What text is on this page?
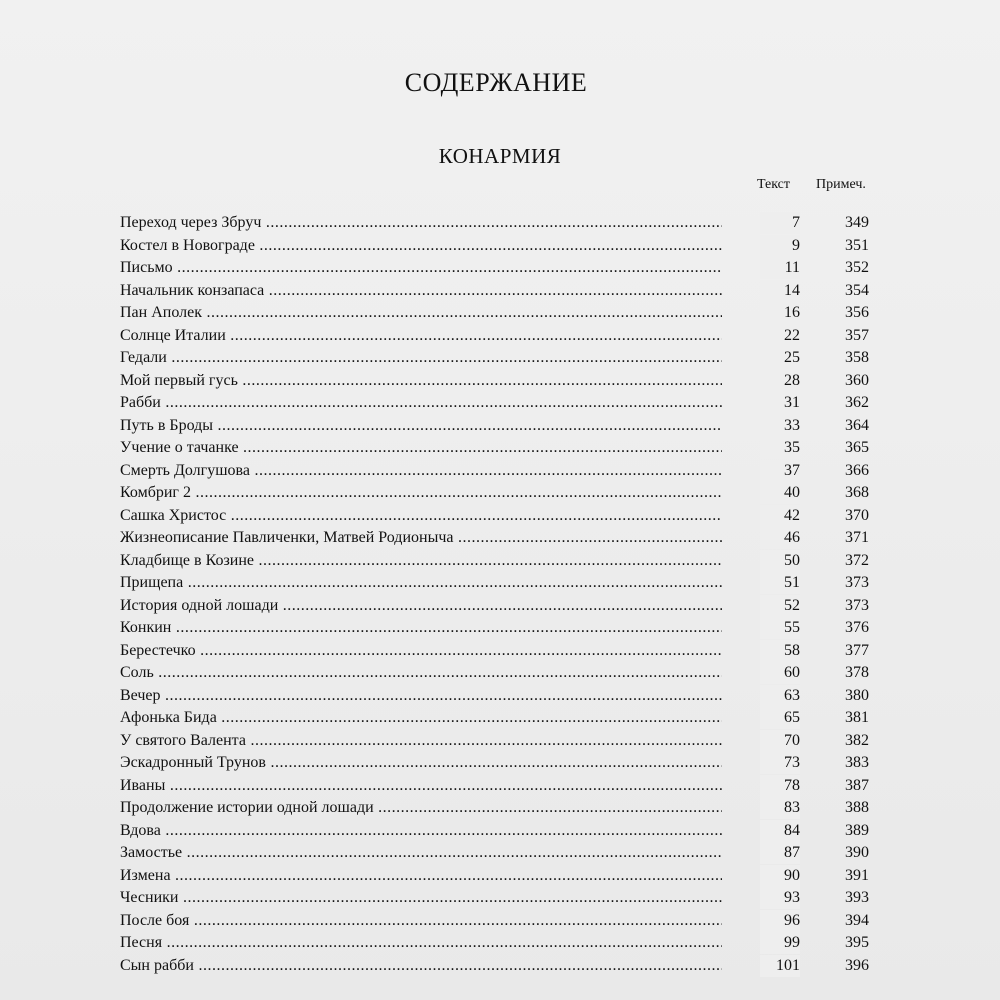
СОДЕРЖАНИЕ
КОНАРМИЯ
Текст Примеч.
Переход через Збруч .....	7	349
Костел в Новограде .....	9	351
Письмо .....	11	352
Начальник конзапаса .....	14	354
Пан Аполек .....	16	356
Солнце Италии .....	22	357
Гедали .....	25	358
Мой первый гусь .....	28	360
Рабби .....	31	362
Путь в Броды .....	33	364
Учение о тачанке .....	35	365
Смерть Долгушова .....	37	366
Комбриг 2 .....	40	368
Сашка Христос .....	42	370
Жизнеописание Павличенки, Матвей Родионыча .....	46	371
Кладбище в Козине .....	50	372
Прищепа .....	51	373
История одной лошади .....	52	373
Конкин .....	55	376
Берестечко .....	58	377
Соль .....	60	378
Вечер .....	63	380
Афонька Бида .....	65	381
У святого Валента .....	70	382
Эскадронный Трунов .....	73	383
Иваны .....	78	387
Продолжение истории одной лошади .....	83	388
Вдова .....	84	389
Замостье .....	87	390
Измена .....	90	391
Чесники .....	93	393
После боя .....	96	394
Песня .....	99	395
Сын рабби .....	101	396
